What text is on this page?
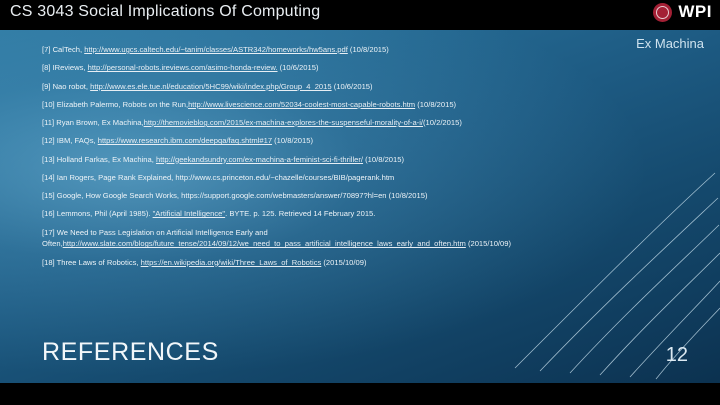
CS 3043 Social Implications Of Computing	WPI
Ex Machina
[7] CalTech, http://www.ugcs.caltech.edu/~tanim/classes/ASTR342/homeworks/hw5ans.pdf (10/8/2015)
[8] IReviews, http://personal-robots.ireviews.com/asimo-honda-review. (10/6/2015)
[9] Nao robot, http://www.es.ele.tue.nl/education/5HC99/wiki/index.php/Group_4_2015 (10/6/2015)
[10] Elizabeth Palermo, Robots on the Run,http://www.livescience.com/52034-coolest-most-capable-robots.htm (10/8/2015)
[11] Ryan Brown, Ex Machina,http://themovieblog.com/2015/ex-machina-explores-the-suspenseful-morality-of-a-i/(10/2/2015)
[12] IBM, FAQs, https://www.research.ibm.com/deepqa/faq.shtml#17 (10/8/2015)
[13] Holland Farkas, Ex Machina, http://geekandsundry.com/ex-machina-a-feminist-sci-fi-thriller/ (10/8/2015)
[14] Ian Rogers, Page Rank Explained, http://www.cs.princeton.edu/~chazelle/courses/BIB/pagerank.htm
[15] Google, How Google Search Works, https://support.google.com/webmasters/answer/70897?hl=en (10/8/2015)
[16] Lemmons, Phil (April 1985). "Artificial Intelligence". BYTE. p. 125. Retrieved 14 February 2015.
[17] We Need to Pass Legislation on Artificial Intelligence Early and Often,http://www.slate.com/blogs/future_tense/2014/09/12/we_need_to_pass_artificial_intelligence_laws_early_and_often.htm (2015/10/09)
[18] Three Laws of Robotics, https://en.wikipedia.org/wiki/Three_Laws_of_Robotics (2015/10/09)
REFERENCES	12
